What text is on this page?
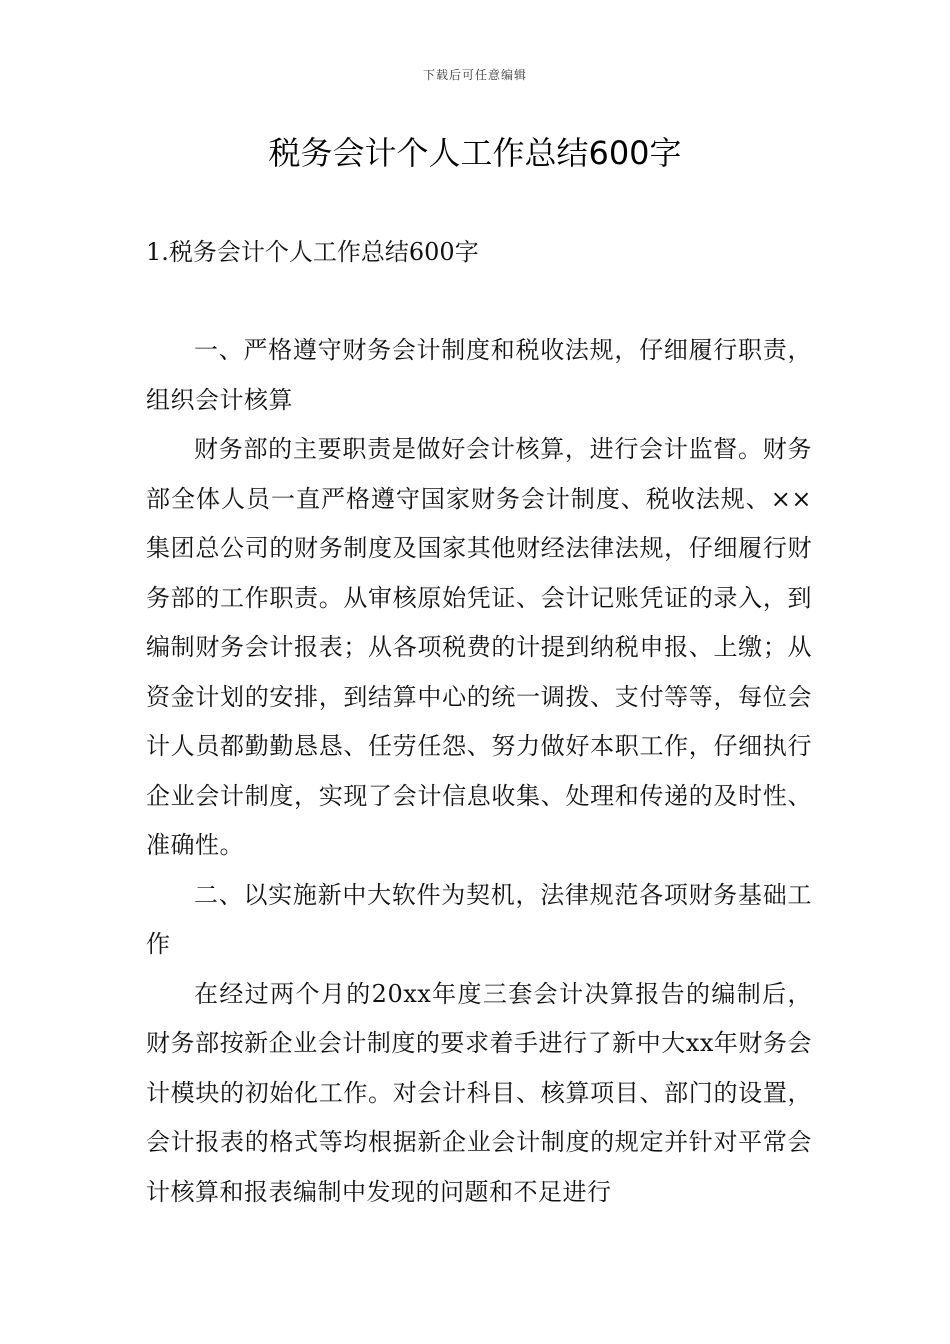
下载后可任意编辑
税务会计个人工作总结600字
1.税务会计个人工作总结600字

一、严格遵守财务会计制度和税收法规，仔细履行职责，组织会计核算

财务部的主要职责是做好会计核算，进行会计监督。财务部全体人员一直严格遵守国家财务会计制度、税收法规、××集团总公司的财务制度及国家其他财经法律法规，仔细履行财务部的工作职责。从审核原始凭证、会计记账凭证的录入，到编制财务会计报表；从各项税费的计提到纳税申报、上缴；从资金计划的安排，到结算中心的统一调拨、支付等等，每位会计人员都勤勤恳恳、任劳任怨、努力做好本职工作，仔细执行企业会计制度，实现了会计信息收集、处理和传递的及时性、准确性。

二、以实施新中大软件为契机，法律规范各项财务基础工作

在经过两个月的20xx年度三套会计决算报告的编制后，财务部按新企业会计制度的要求着手进行了新中大xx年财务会计模块的初始化工作。对会计科目、核算项目、部门的设置，会计报表的格式等均根据新企业会计制度的规定并针对平常会计核算和报表编制中发现的问题和不足进行
